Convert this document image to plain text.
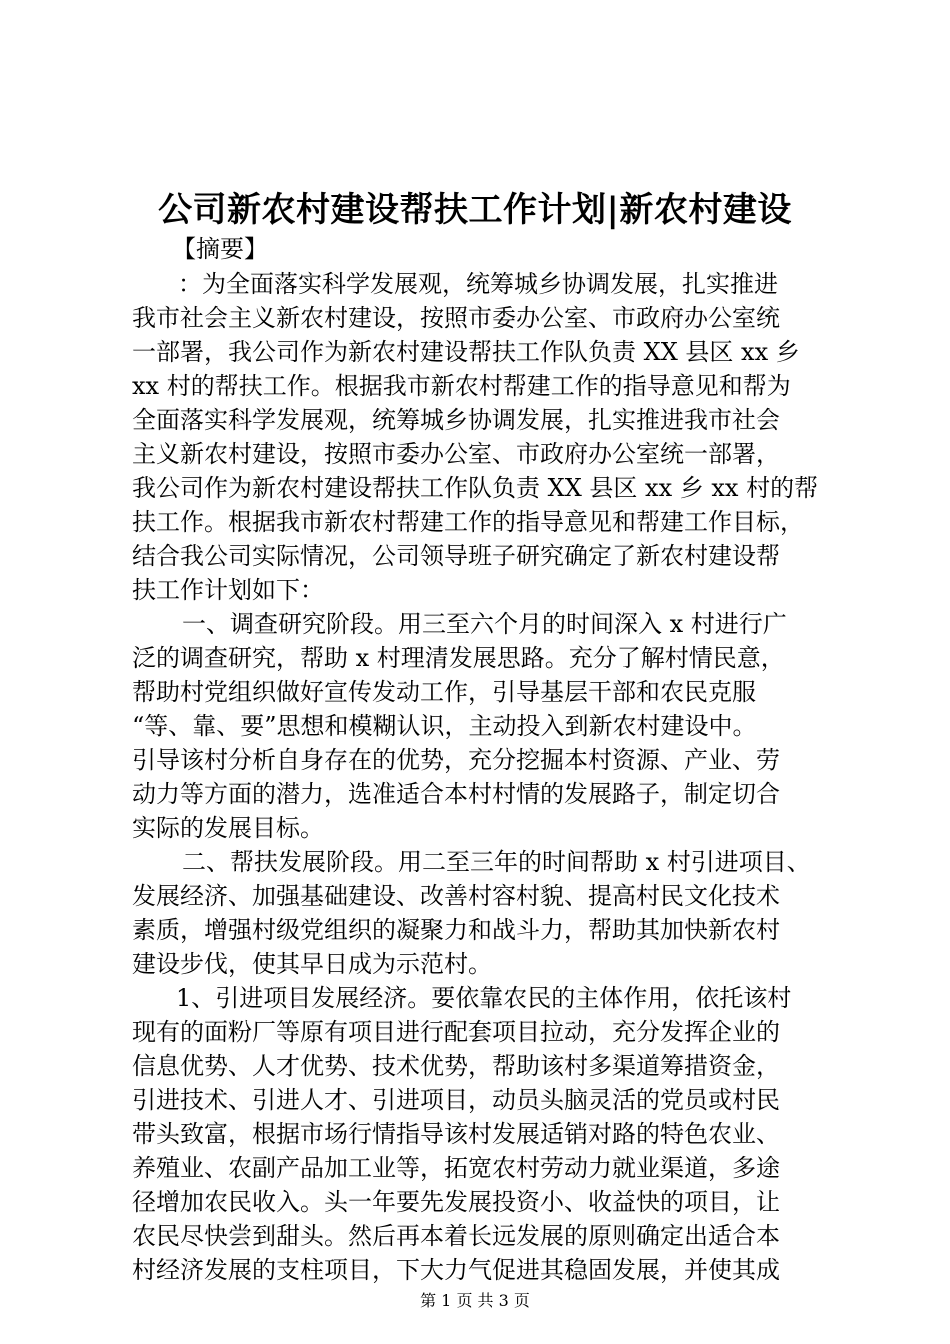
公司新农村建设帮扶工作计划|新农村建设
【摘要】
：为全面落实科学发展观，统筹城乡协调发展，扎实推进
我市社会主义新农村建设，按照市委办公室、市政府办公室统
一部署，我公司作为新农村建设帮扶工作队负责 XX 县区 xx 乡
xx 村的帮扶工作。根据我市新农村帮建工作的指导意见和帮为
全面落实科学发展观，统筹城乡协调发展，扎实推进我市社会
主义新农村建设，按照市委办公室、市政府办公室统一部署，
我公司作为新农村建设帮扶工作队负责 XX 县区 xx 乡 xx 村的帮
扶工作。根据我市新农村帮建工作的指导意见和帮建工作目标，
结合我公司实际情况，公司领导班子研究确定了新农村建设帮
扶工作计划如下：
一、调查研究阶段。用三至六个月的时间深入 x 村进行广
泛的调查研究，帮助 x 村理清发展思路。充分了解村情民意，
帮助村党组织做好宣传发动工作，引导基层干部和农民克服
“等、靠、要”思想和模糊认识，主动投入到新农村建设中。
引导该村分析自身存在的优势，充分挖掘本村资源、产业、劳
动力等方面的潜力，选准适合本村村情的发展路子，制定切合
实际的发展目标。
二、帮扶发展阶段。用二至三年的时间帮助 x 村引进项目、
发展经济、加强基础建设、改善村容村貌、提高村民文化技术
素质，增强村级党组织的凝聚力和战斗力，帮助其加快新农村
建设步伐，使其早日成为示范村。
1、引进项目发展经济。要依靠农民的主体作用，依托该村
现有的面粉厂等原有项目进行配套项目拉动，充分发挥企业的
信息优势、人才优势、技术优势，帮助该村多渠道筹措资金，
引进技术、引进人才、引进项目，动员头脑灵活的党员或村民
带头致富，根据市场行情指导该村发展适销对路的特色农业、
养殖业、农副产品加工业等，拓宽农村劳动力就业渠道，多途
径增加农民收入。头一年要先发展投资小、收益快的项目，让
农民尽快尝到甜头。然后再本着长远发展的原则确定出适合本
村经济发展的支柱项目，下大力气促进其稳固发展，并使其成
第 1 页 共 3 页
